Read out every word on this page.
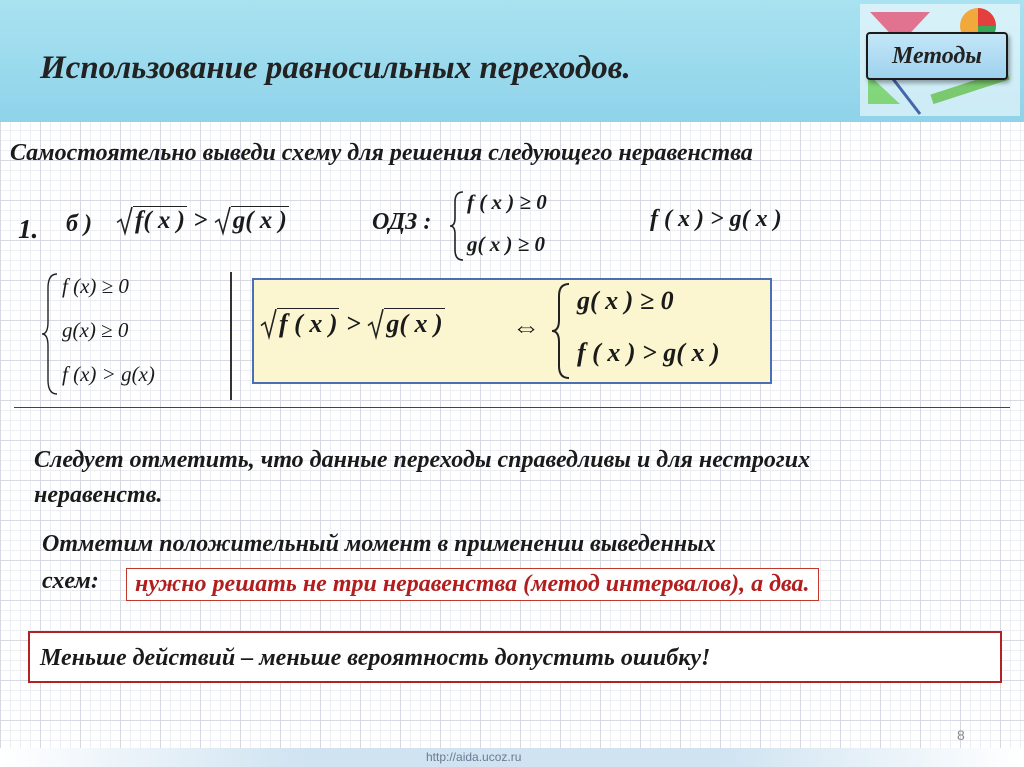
Использование равносильных переходов.	Методы
Самостоятельно выведи схему для решения следующего неравенства
1. б )	f( x ) > g( x )	ОДЗ :
f ( x ) ≥ 0
g( x ) ≥ 0
f ( x ) > g( x )
f (x) ≥ 0
g(x) ≥ 0
f (x) > g(x)
f ( x ) > g( x ) ⇔
g( x ) ≥ 0
f ( x ) > g( x )
Следует отметить, что данные переходы справедливы и для нестрогих неравенств.
Отметим положительный момент в применении выведенных
схем:	нужно решать не три неравенства (метод интервалов), а два.
Меньше действий – меньше вероятность допустить ошибку!
8
http://aida.ucoz.ru
